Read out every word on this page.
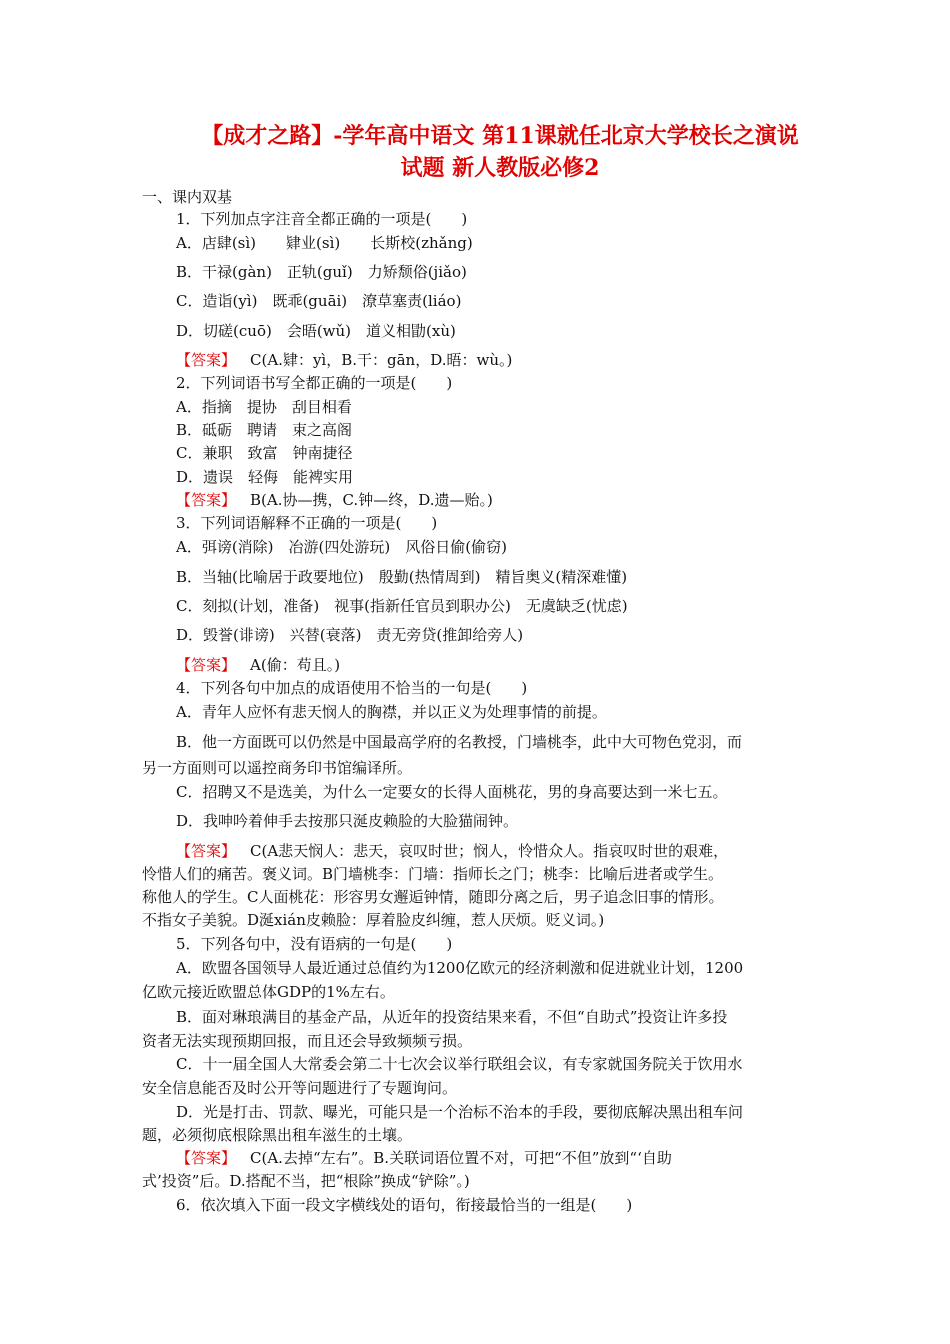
【成才之路】-学年高中语文 第11课就任北京大学校长之演说
试题 新人教版必修2
一、课内双基
1．下列加点字注音全都正确的一项是(　　)
A．店肆(sì)　　肄业(sì)　　长斯校(zhǎng)
B．干禄(gàn)　正轨(guǐ)　力矫颓俗(jiǎo)
C．造诣(yì)　既乖(guāi)　潦草塞责(liáo)
D．切磋(cuō)　会晤(wǔ)　道义相勖(xù)
【答案】 C(A.肄：yì，B.干：gān，D.晤：wù。)
2．下列词语书写全都正确的一项是(　　)
A．指摘　提协　刮目相看
B．砥砺　聘请　束之高阁
C．兼职　致富　钟南捷径
D．遗误　轻侮　能裨实用
【答案】 B(A.协—携，C.钟—终，D.遗—贻。)
3．下列词语解释不正确的一项是(　　)
A．弭谤(消除)　冶游(四处游玩)　风俗日偷(偷窃)
B．当轴(比喻居于政要地位)　殷勤(热情周到)　精旨奥义(精深难懂)
C．刻拟(计划，准备)　视事(指新任官员到职办公)　无虞缺乏(忧虑)
D．毁誉(诽谤)　兴替(衰落)　责无旁贷(推卸给旁人)
【答案】 A(偷：苟且。)
4．下列各句中加点的成语使用不恰当的一句是(　　)
A．青年人应怀有悲天悯人的胸襟，并以正义为处理事情的前提。
B．他一方面既可以仍然是中国最高学府的名教授，门墙桃李，此中大可物色党羽，而
另一方面则可以遥控商务印书馆编译所。
C．招聘又不是选美，为什么一定要女的长得人面桃花，男的身高要达到一米七五。
D．我呻吟着伸手去按那只涎皮赖脸的大脸猫闹钟。

【答案】 C(A悲天悯人：悲天，哀叹时世；悯人，怜惜众人。指哀叹时世的艰难，

怜惜人们的痛苦。褒义词。B门墙桃李：门墙：指师长之门；桃李：比喻后进者或学生。

称他人的学生。C人面桃花：形容男女邂逅钟情，随即分离之后，男子追念旧事的情形。

不指女子美貌。D涎xián皮赖脸：厚着脸皮纠缠，惹人厌烦。贬义词。)

5．下列各句中，没有语病的一句是(　　)
A．欧盟各国领导人最近通过总值约为1200亿欧元的经济刺激和促进就业计划，1200
亿欧元接近欧盟总体GDP的1%左右。
B．面对琳琅满目的基金产品，从近年的投资结果来看，不但“自助式”投资让许多投
资者无法实现预期回报，而且还会导致频频亏损。
C．十一届全国人大常委会第二十七次会议举行联组会议，有专家就国务院关于饮用水
安全信息能否及时公开等问题进行了专题询问。
D．光是打击、罚款、曝光，可能只是一个治标不治本的手段，要彻底解决黑出租车问
题，必须彻底根除黑出租车滋生的土壤。

【答案】 C(A.去掉“左右”。B.关联词语位置不对，可把“不但”放到“‘自助

式’投资”后。D.搭配不当，把“根除”换成“铲除”。)

6．依次填入下面一段文字横线处的语句，衔接最恰当的一组是(　　)
